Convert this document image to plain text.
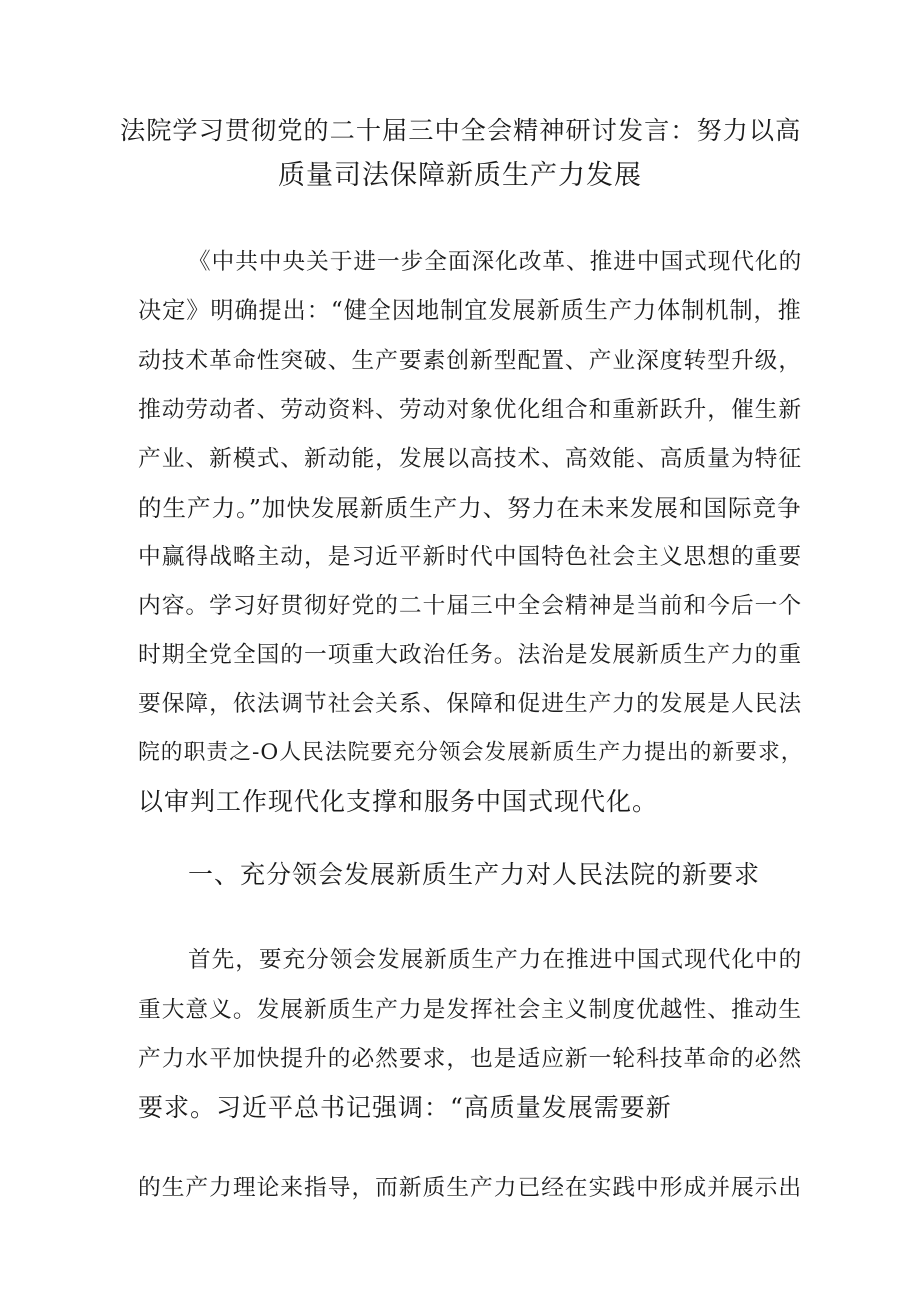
法院学习贯彻党的二十届三中全会精神研讨发言：努力以高
质量司法保障新质生产力发展
《中共中央关于进一步全面深化改革、推进中国式现代化的
决定》明确提出：“健全因地制宜发展新质生产力体制机制，推
动技术革命性突破、生产要素创新型配置、产业深度转型升级，
推动劳动者、劳动资料、劳动对象优化组合和重新跃升，催生新
产业、新模式、新动能，发展以高技术、高效能、高质量为特征
的生产力。”加快发展新质生产力、努力在未来发展和国际竞争
中赢得战略主动，是习近平新时代中国特色社会主义思想的重要
内容。学习好贯彻好党的二十届三中全会精神是当前和今后一个
时期全党全国的一项重大政治任务。法治是发展新质生产力的重
要保障，依法调节社会关系、保障和促进生产力的发展是人民法
院的职责之-O人民法院要充分领会发展新质生产力提出的新要求，
以审判工作现代化支撑和服务中国式现代化。
一、充分领会发展新质生产力对人民法院的新要求
首先，要充分领会发展新质生产力在推进中国式现代化中的
重大意义。发展新质生产力是发挥社会主义制度优越性、推动生
产力水平加快提升的必然要求，也是适应新一轮科技革命的必然
要求。习近平总书记强调：“高质量发展需要新
的生产力理论来指导，而新质生产力已经在实践中形成并展示出
